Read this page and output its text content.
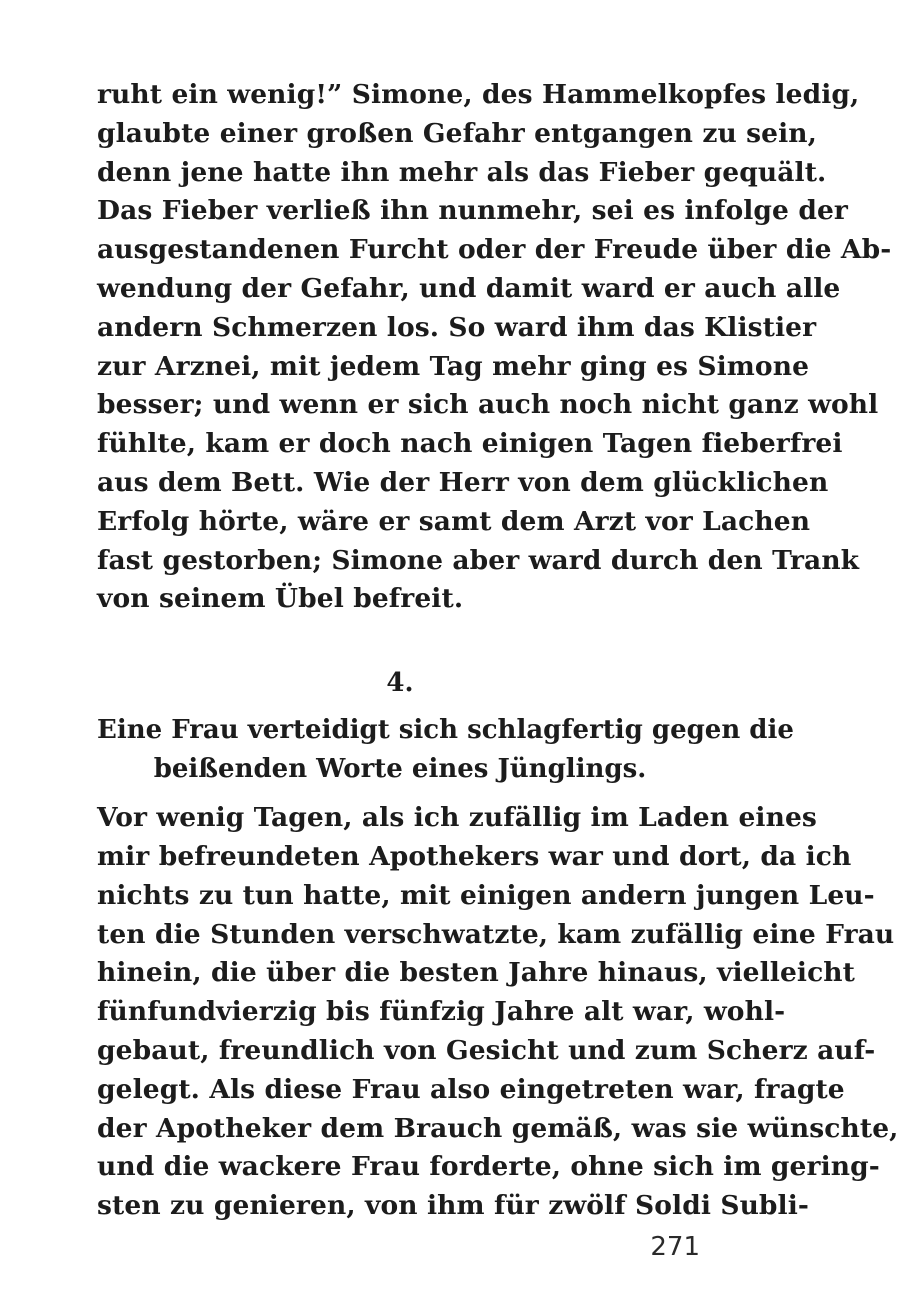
ruht ein wenig!” Simone, des Hammelkopfes ledig,
glaubte einer großen Gefahr entgangen zu sein,
denn jene hatte ihn mehr als das Fieber gequält.
Das Fieber verließ ihn nunmehr, sei es infolge der
ausgestandenen Furcht oder der Freude über die Ab-
wendung der Gefahr, und damit ward er auch alle
andern Schmerzen los. So ward ihm das Klistier
zur Arznei, mit jedem Tag mehr ging es Simone
besser; und wenn er sich auch noch nicht ganz wohl
fühlte, kam er doch nach einigen Tagen fieberfrei
aus dem Bett. Wie der Herr von dem glücklichen
Erfolg hörte, wäre er samt dem Arzt vor Lachen
fast gestorben; Simone aber ward durch den Trank
von seinem Übel befreit.
4.
Eine Frau verteidigt sich schlagfertig gegen die
beißenden Worte eines Jünglings.
Vor wenig Tagen, als ich zufällig im Laden eines
mir befreundeten Apothekers war und dort, da ich
nichts zu tun hatte, mit einigen andern jungen Leu-
ten die Stunden verschwatzte, kam zufällig eine Frau
hinein, die über die besten Jahre hinaus, vielleicht
fünfundvierzig bis fünfzig Jahre alt war, wohl-
gebaut, freundlich von Gesicht und zum Scherz auf-
gelegt. Als diese Frau also eingetreten war, fragte
der Apotheker dem Brauch gemäß, was sie wünschte,
und die wackere Frau forderte, ohne sich im gering-
sten zu genieren, von ihm für zwölf Soldi Subli-
271
